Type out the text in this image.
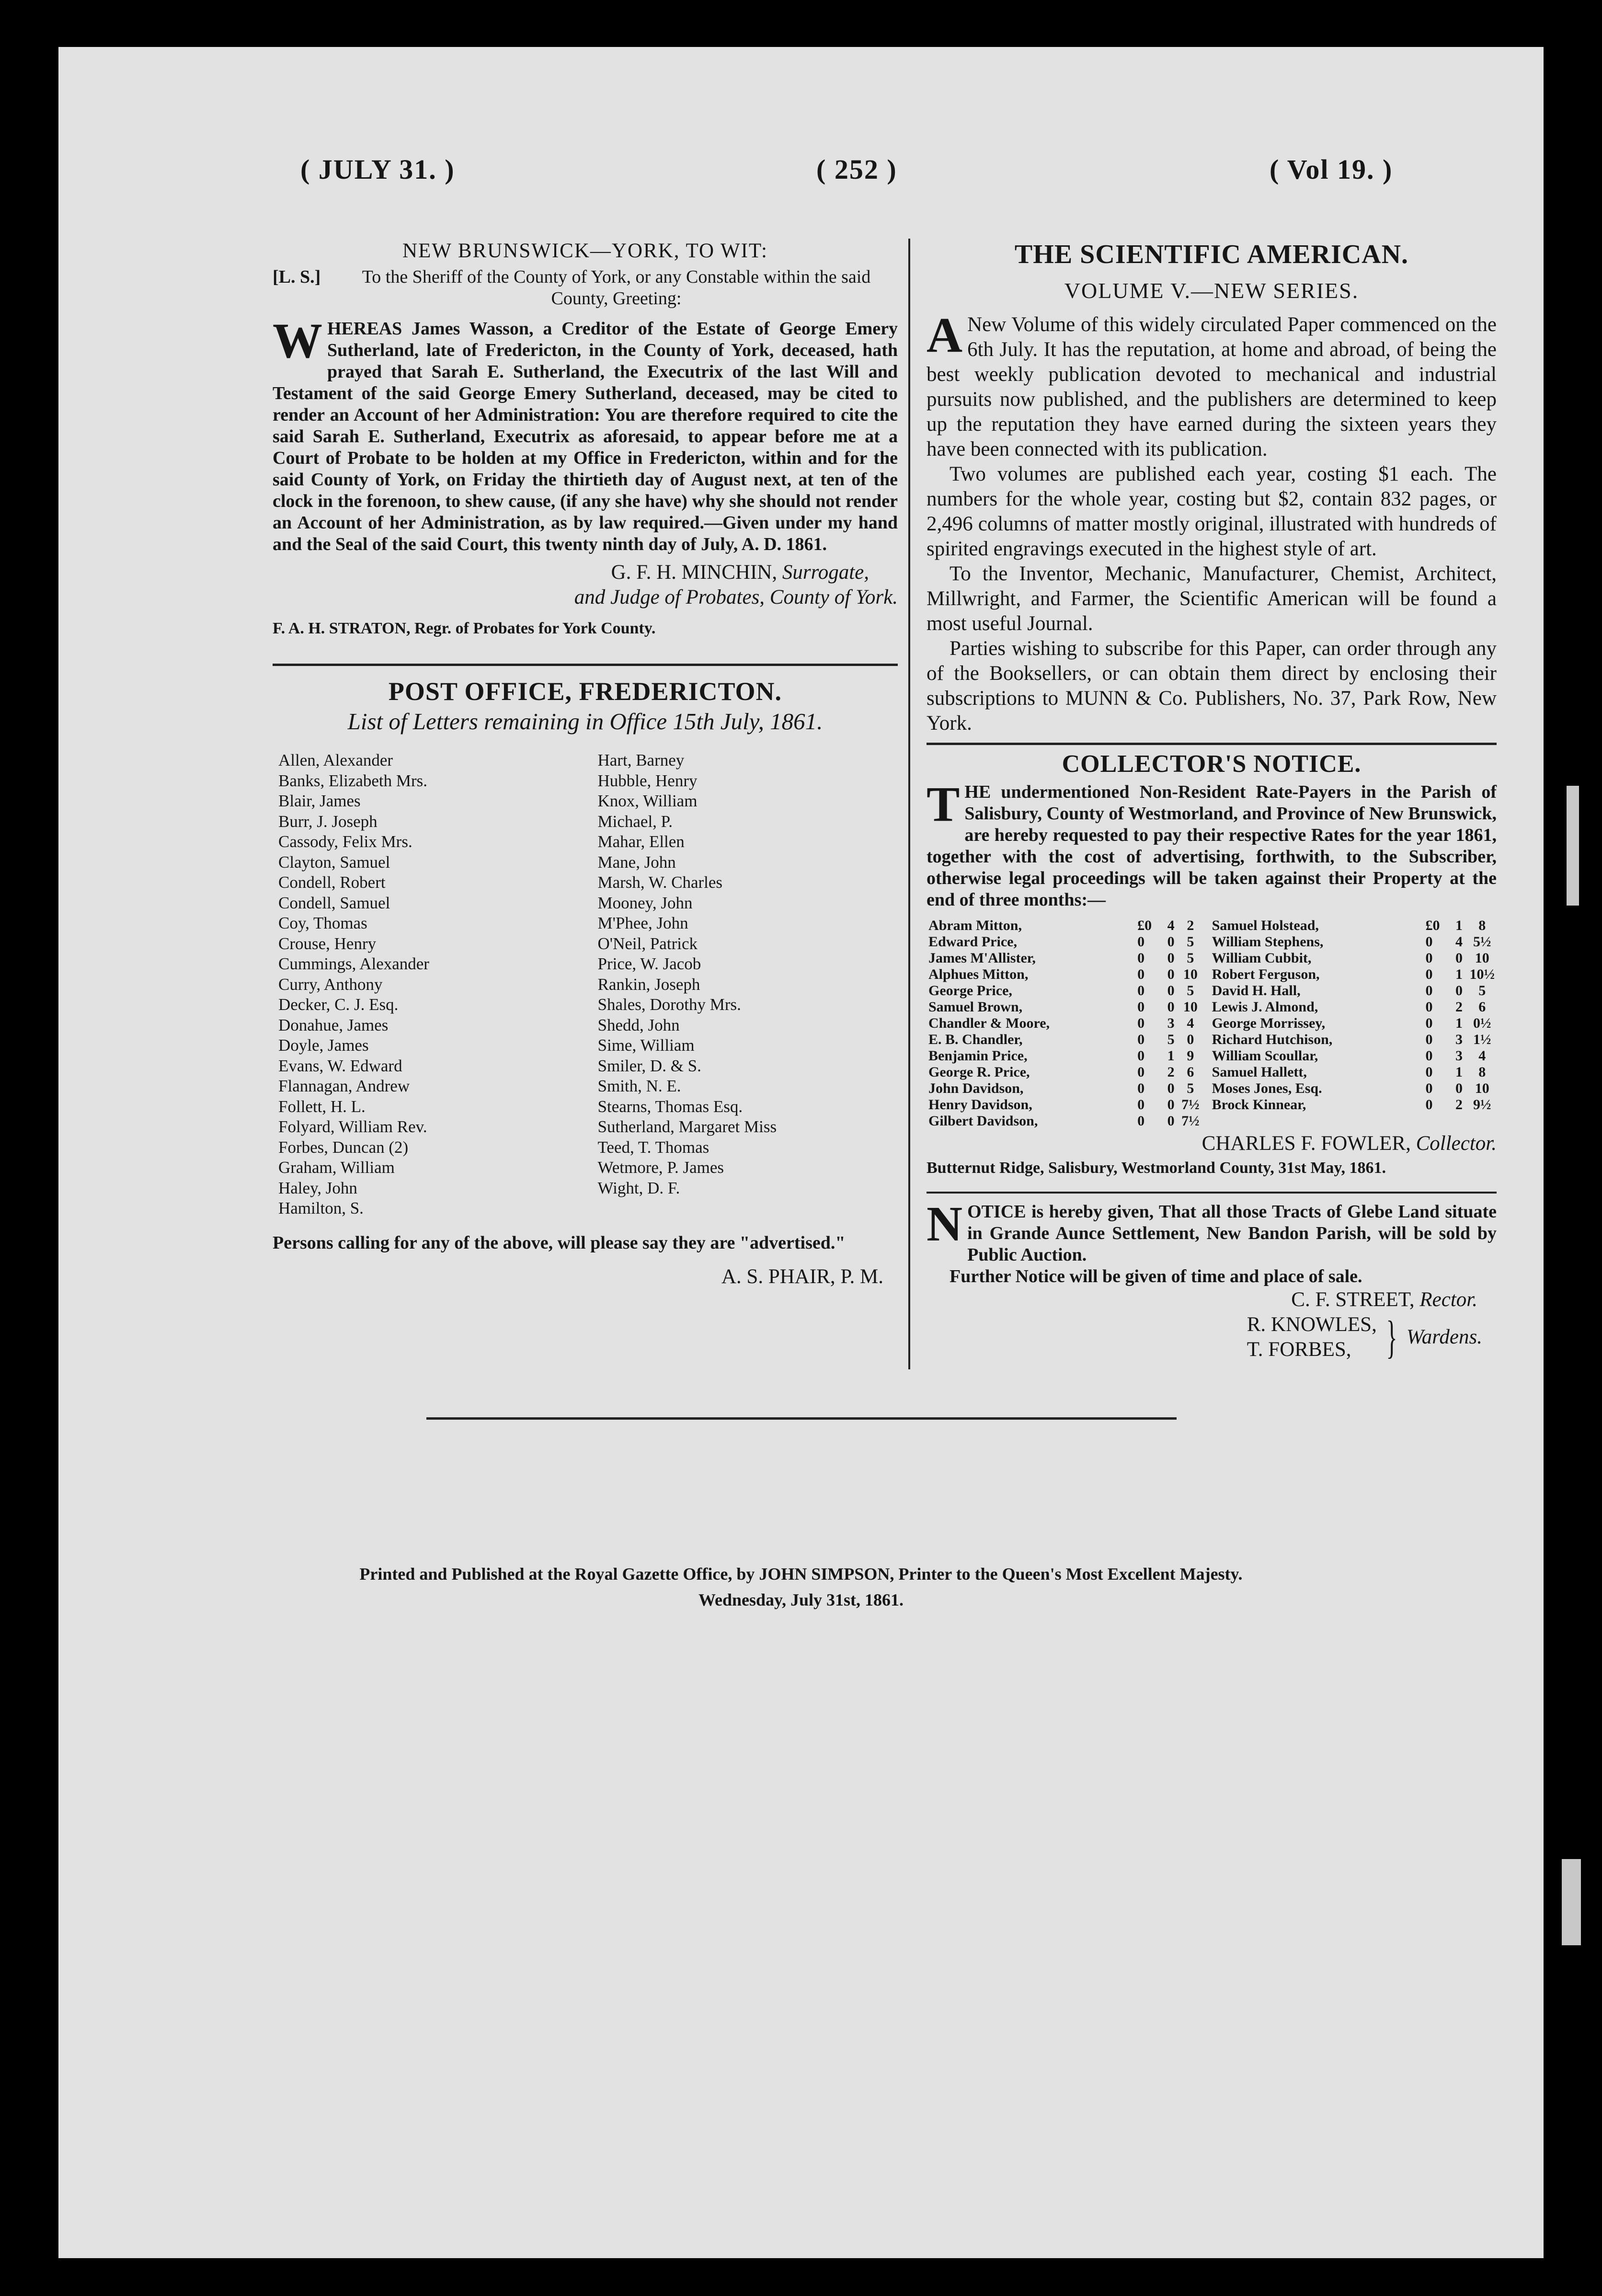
( JULY 31. )	( 252 )	( Vol 19. )

NEW BRUNSWICK—YORK, TO WIT:

[L. S.]	To the Sheriff of the County of York, or any Constable within the said County, Greeting:

WHEREAS James Wasson, a Creditor of the Estate of George Emery Sutherland, late of Fredericton, in the County of York, deceased, hath prayed that Sarah E. Sutherland, the Executrix of the last Will and Testament of the said George Emery Sutherland, deceased, may be cited to render an Account of her Administration: You are therefore required to cite the said Sarah E. Sutherland, Executrix as aforesaid, to appear before me at a Court of Probate to be holden at my Office in Fredericton, within and for the said County of York, on Friday the thirtieth day of August next, at ten of the clock in the forenoon, to shew cause, (if any she have) why she should not render an Account of her Administration, as by law required.—Given under my hand and the Seal of the said Court, this twenty ninth day of July, A. D. 1861.

G. F. H. MINCHIN, Surrogate,

and Judge of Probates, County of York.

F. A. H. STRATON, Regr. of Probates for York County.

POST OFFICE, FREDERICTON.

List of Letters remaining in Office 15th July, 1861.

Allen, Alexander	Hart, Barney
Banks, Elizabeth Mrs.	Hubble, Henry
Blair, James	Knox, William
Burr, J. Joseph	Michael, P.
Cassody, Felix Mrs.	Mahar, Ellen
Clayton, Samuel	Mane, John
Condell, Robert	Marsh, W. Charles
Condell, Samuel	Mooney, John
Coy, Thomas	M'Phee, John
Crouse, Henry	O'Neil, Patrick
Cummings, Alexander	Price, W. Jacob
Curry, Anthony	Rankin, Joseph
Decker, C. J. Esq.	Shales, Dorothy Mrs.
Donahue, James	Shedd, John
Doyle, James	Sime, William
Evans, W. Edward	Smiler, D. & S.
Flannagan, Andrew	Smith, N. E.
Follett, H. L.	Stearns, Thomas Esq.
Folyard, William Rev.	Sutherland, Margaret Miss
Forbes, Duncan (2)	Teed, T. Thomas
Graham, William	Wetmore, P. James
Haley, John	Wight, D. F.
Hamilton, S.

Persons calling for any of the above, will please say they are "advertised."

A. S. PHAIR, P. M.

THE SCIENTIFIC AMERICAN.

VOLUME V.—NEW SERIES.

A New Volume of this widely circulated Paper commenced on the 6th July. It has the reputation, at home and abroad, of being the best weekly publication devoted to mechanical and industrial pursuits now published, and the publishers are determined to keep up the reputation they have earned during the sixteen years they have been connected with its publication.

Two volumes are published each year, costing $1 each. The numbers for the whole year, costing but $2, contain 832 pages, or 2,496 columns of matter mostly original, illustrated with hundreds of spirited engravings executed in the highest style of art.

To the Inventor, Mechanic, Manufacturer, Chemist, Architect, Millwright, and Farmer, the Scientific American will be found a most useful Journal.

Parties wishing to subscribe for this Paper, can order through any of the Booksellers, or can obtain them direct by enclosing their subscriptions to MUNN & Co. Publishers, No. 37, Park Row, New York.

COLLECTOR'S NOTICE.

THE undermentioned Non-Resident Rate-Payers in the Parish of Salisbury, County of Westmorland, and Province of New Brunswick, are hereby requested to pay their respective Rates for the year 1861, together with the cost of advertising, forthwith, to the Subscriber, otherwise legal proceedings will be taken against their Property at the end of three months:—

Abram Mitton,	£0	4	2	Samuel Holstead,	£0	1	8
Edward Price,	0	0	5	William Stephens,	0	4	5½
James M'Allister,	0	0	5	William Cubbit,	0	0	10
Alphues Mitton,	0	0	10	Robert Ferguson,	0	1	10½
George Price,	0	0	5	David H. Hall,	0	0	5
Samuel Brown,	0	0	10	Lewis J. Almond,	0	2	6
Chandler & Moore,	0	3	4	George Morrissey,	0	1	0½
E. B. Chandler,	0	5	0	Richard Hutchison,	0	3	1½
Benjamin Price,	0	1	9	William Scoullar,	0	3	4
George R. Price,	0	2	6	Samuel Hallett,	0	1	8
John Davidson,	0	0	5	Moses Jones, Esq.	0	0	10
Henry Davidson,	0	0	7½	Brock Kinnear,	0	2	9½
Gilbert Davidson,	0	0	7½				

CHARLES F. FOWLER, Collector.

Butternut Ridge, Salisbury, Westmorland County, 31st May, 1861.

NOTICE is hereby given, That all those Tracts of Glebe Land situate in Grande Aunce Settlement, New Bandon Parish, will be sold by Public Auction.

Further Notice will be given of time and place of sale.

C. F. STREET, Rector.

R. KNOWLES,
T. FORBES, } Wardens.
Printed and Published at the Royal Gazette Office, by JOHN SIMPSON, Printer to the Queen's Most Excellent Majesty.
Wednesday, July 31st, 1861.
